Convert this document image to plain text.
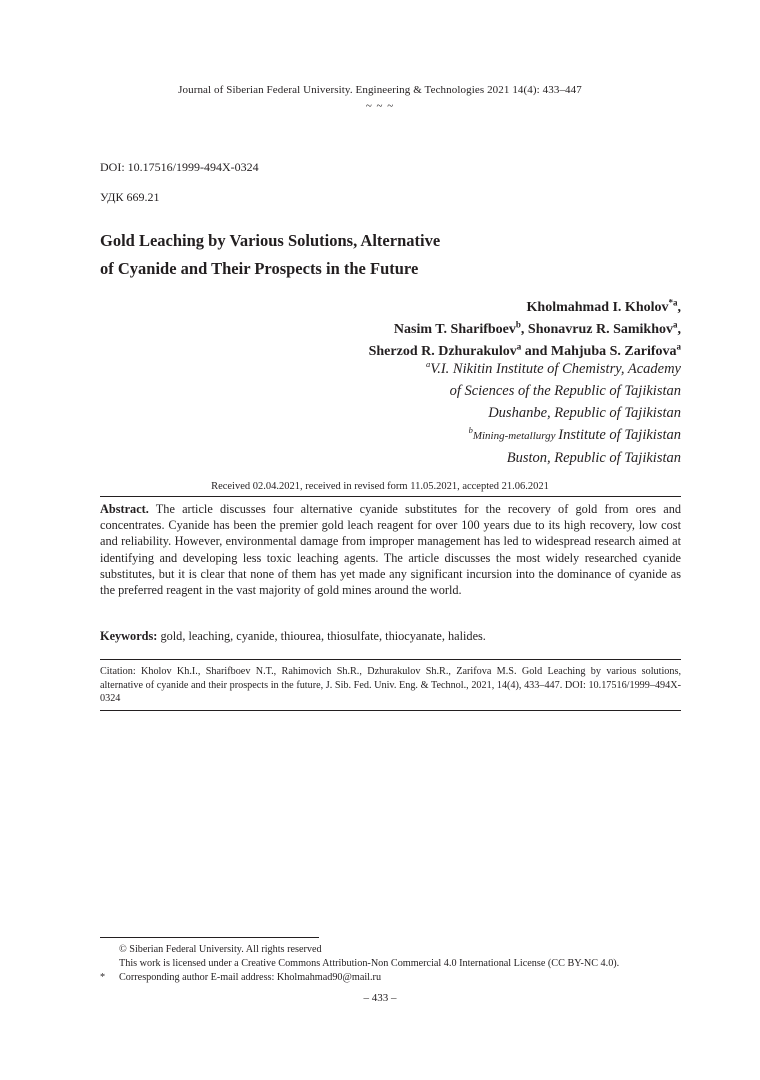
Journal of Siberian Federal University. Engineering & Technologies 2021 14(4): 433–447
~ ~ ~
DOI: 10.17516/1999-494X-0324
УДК 669.21
Gold Leaching by Various Solutions, Alternative
of Cyanide and Their Prospects in the Future
Kholmahmad I. Kholov$^{*a}$,
Nasim T. Sharifboev$^b$, Shonavruz R. Samikhov$^a$,
Sherzod R. Dzhurakulov$^a$ and Mahjuba S. Zarifova$^a$
$^a$V.I. Nikitin Institute of Chemistry, Academy
of Sciences of the Republic of Tajikistan
Dushanbe, Republic of Tajikistan
$^b$Mining-metallurgy Institute of Tajikistan
Buston, Republic of Tajikistan
Received 02.04.2021, received in revised form 11.05.2021, accepted 21.06.2021
Abstract. The article discusses four alternative cyanide substitutes for the recovery of gold from ores and concentrates. Cyanide has been the premier gold leach reagent for over 100 years due to its high recovery, low cost and reliability. However, environmental damage from improper management has led to widespread research aimed at identifying and developing less toxic leaching agents. The article discusses the most widely researched cyanide substitutes, but it is clear that none of them has yet made any significant incursion into the dominance of cyanide as the preferred reagent in the vast majority of gold mines around the world.
Keywords: gold, leaching, cyanide, thiourea, thiosulfate, thiocyanate, halides.
Citation: Kholov Kh.I., Sharifboev N.T., Rahimovich Sh.R., Dzhurakulov Sh.R., Zarifova M.S. Gold Leaching by various solutions, alternative of cyanide and their prospects in the future, J. Sib. Fed. Univ. Eng. & Technol., 2021, 14(4), 433–447. DOI: 10.17516/1999–494X-0324
© Siberian Federal University. All rights reserved
This work is licensed under a Creative Commons Attribution-Non Commercial 4.0 International License (CC BY-NC 4.0).
*	Corresponding author E-mail address: Kholmahmad90@mail.ru
– 433 –
